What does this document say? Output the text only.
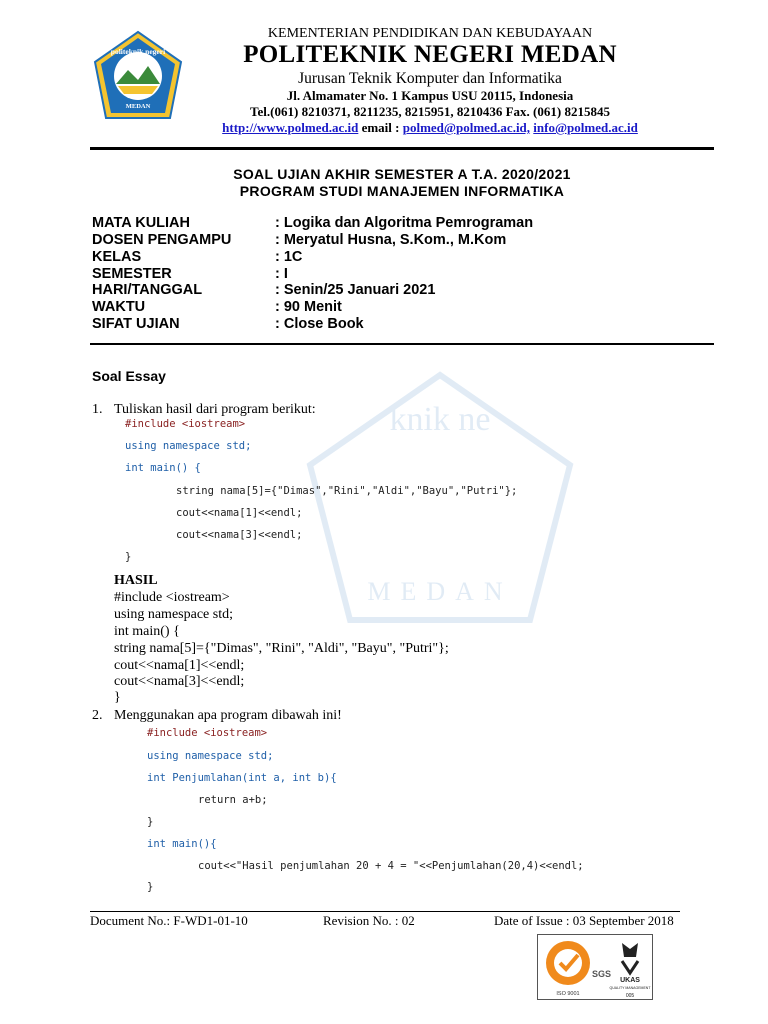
knik ne
MEDAN
politeknik negeri
MEDAN
KEMENTERIAN PENDIDIKAN DAN KEBUDAYAAN
POLITEKNIK NEGERI MEDAN
Jurusan Teknik Komputer dan Informatika
Jl. Almamater No. 1 Kampus USU 20115, Indonesia
Tel.(061) 8210371, 8211235, 8215951, 8210436 Fax. (061) 8215845
http://www.polmed.ac.id email : polmed@polmed.ac.id, info@polmed.ac.id
SOAL UJIAN AKHIR SEMESTER A T.A. 2020/2021
PROGRAM STUDI MANAJEMEN INFORMATIKA
MATA KULIAH	: Logika dan Algoritma Pemrograman
DOSEN PENGAMPU	: Meryatul Husna, S.Kom., M.Kom
KELAS	: 1C
SEMESTER	: I
HARI/TANGGAL	: Senin/25 Januari 2021
WAKTU	: 90 Menit
SIFAT UJIAN	: Close Book
Soal Essay
1. Tuliskan hasil dari program berikut:
#include <iostream>
using namespace std;
int main() {
string nama[5]={"Dimas","Rini","Aldi","Bayu","Putri"};
cout<<nama[1]<<endl;
cout<<nama[3]<<endl;
}
HASIL
#include <iostream>
using namespace std;
int main() {
string nama[5]={"Dimas", "Rini", "Aldi", "Bayu", "Putri"};
cout<<nama[1]<<endl;
cout<<nama[3]<<endl;
}
2. Menggunakan apa program dibawah ini!
#include <iostream>
using namespace std;
int Penjumlahan(int a, int b){
return a+b;
}
int main(){
cout<<"Hasil penjumlahan 20 + 4 = "<<Penjumlahan(20,4)<<endl;
}
Document No.: F-WD1-01-10	Revision No. : 02	Date of Issue : 03 September 2018
SGS
ISO 9001
UKAS
QUALITY MANAGEMENT
005
